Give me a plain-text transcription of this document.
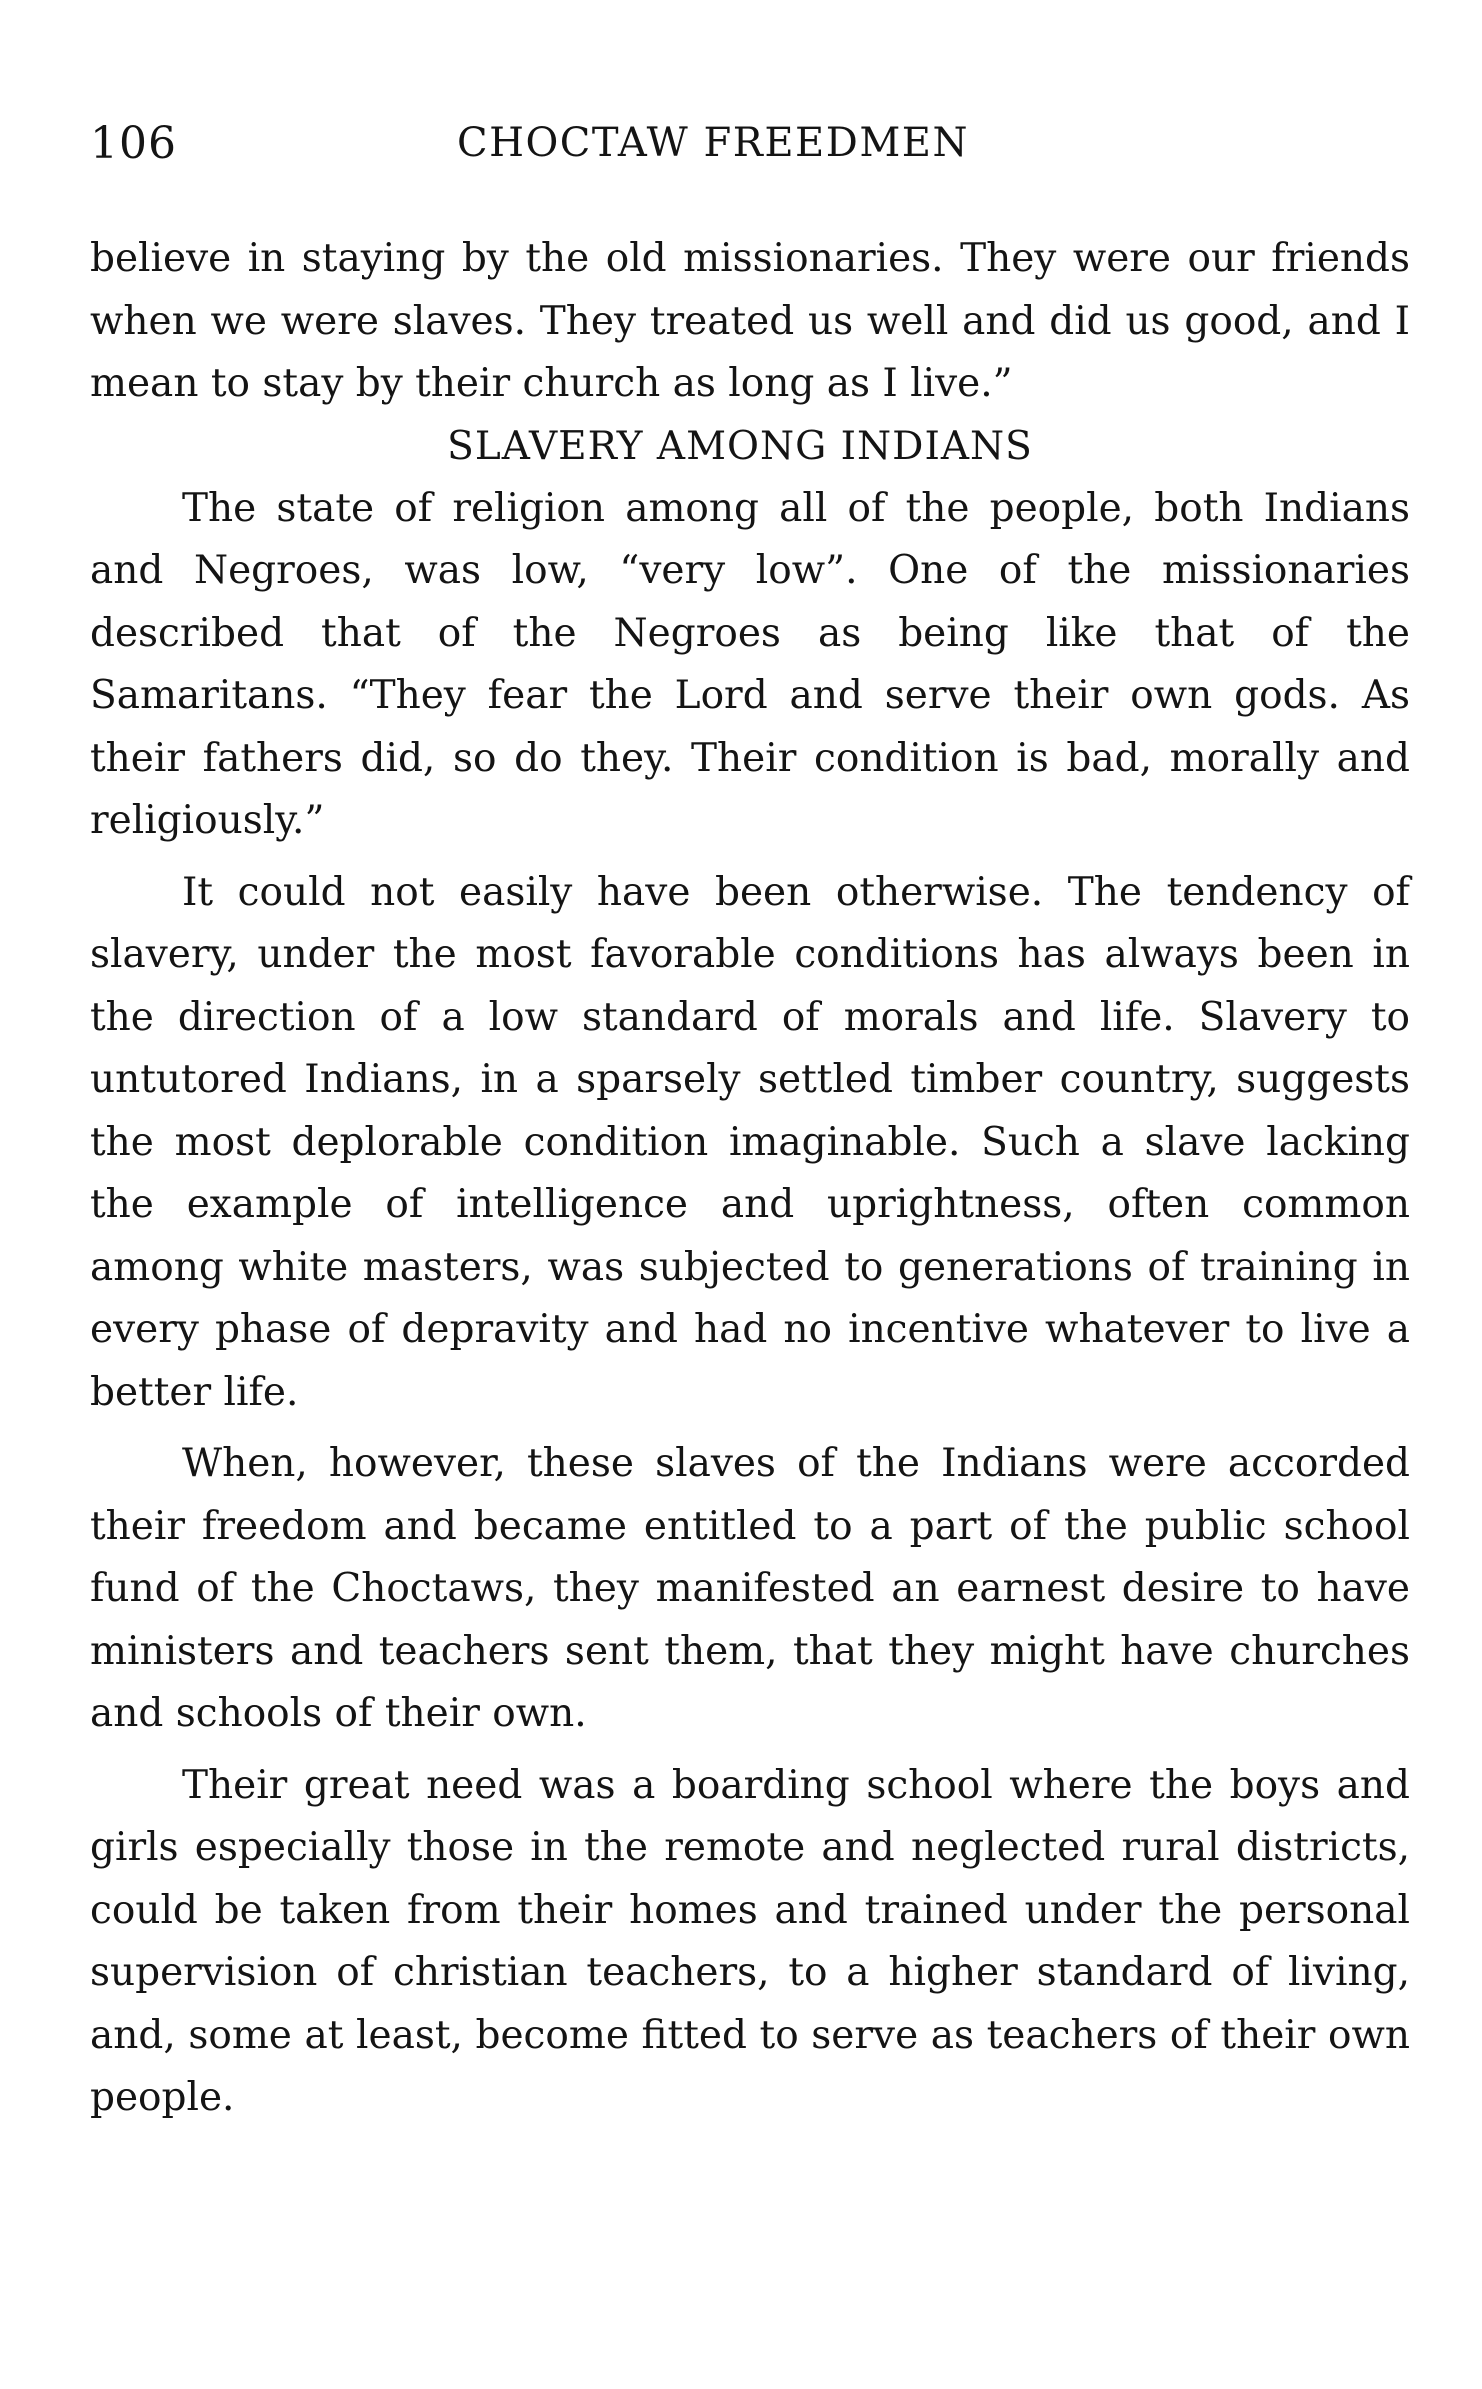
106	CHOCTAW FREEDMEN

believe in staying by the old missionaries. They were our friends when we were slaves. They treated us well and did us good, and I mean to stay by their church as long as I live.”

SLAVERY AMONG INDIANS

The state of religion among all of the people, both Indians and Negroes, was low, “very low”. One of the missionaries described that of the Negroes as being like that of the Samaritans. “They fear the Lord and serve their own gods. As their fathers did, so do they. Their condition is bad, morally and religiously.”

It could not easily have been otherwise. The tendency of slavery, under the most favorable conditions has always been in the direction of a low standard of morals and life. Slavery to untutored Indians, in a sparsely settled timber country, suggests the most deplorable condition imaginable. Such a slave lacking the example of intelligence and uprightness, often common among white masters, was subjected to generations of training in every phase of depravity and had no incentive whatever to live a better life.

When, however, these slaves of the Indians were accorded their freedom and became entitled to a part of the public school fund of the Choctaws, they manifested an earnest desire to have ministers and teachers sent them, that they might have churches and schools of their own.

Their great need was a boarding school where the boys and girls especially those in the remote and neglected rural districts, could be taken from their homes and trained under the personal supervision of christian teachers, to a higher standard of living, and, some at least, become fitted to serve as teachers of their own people.
